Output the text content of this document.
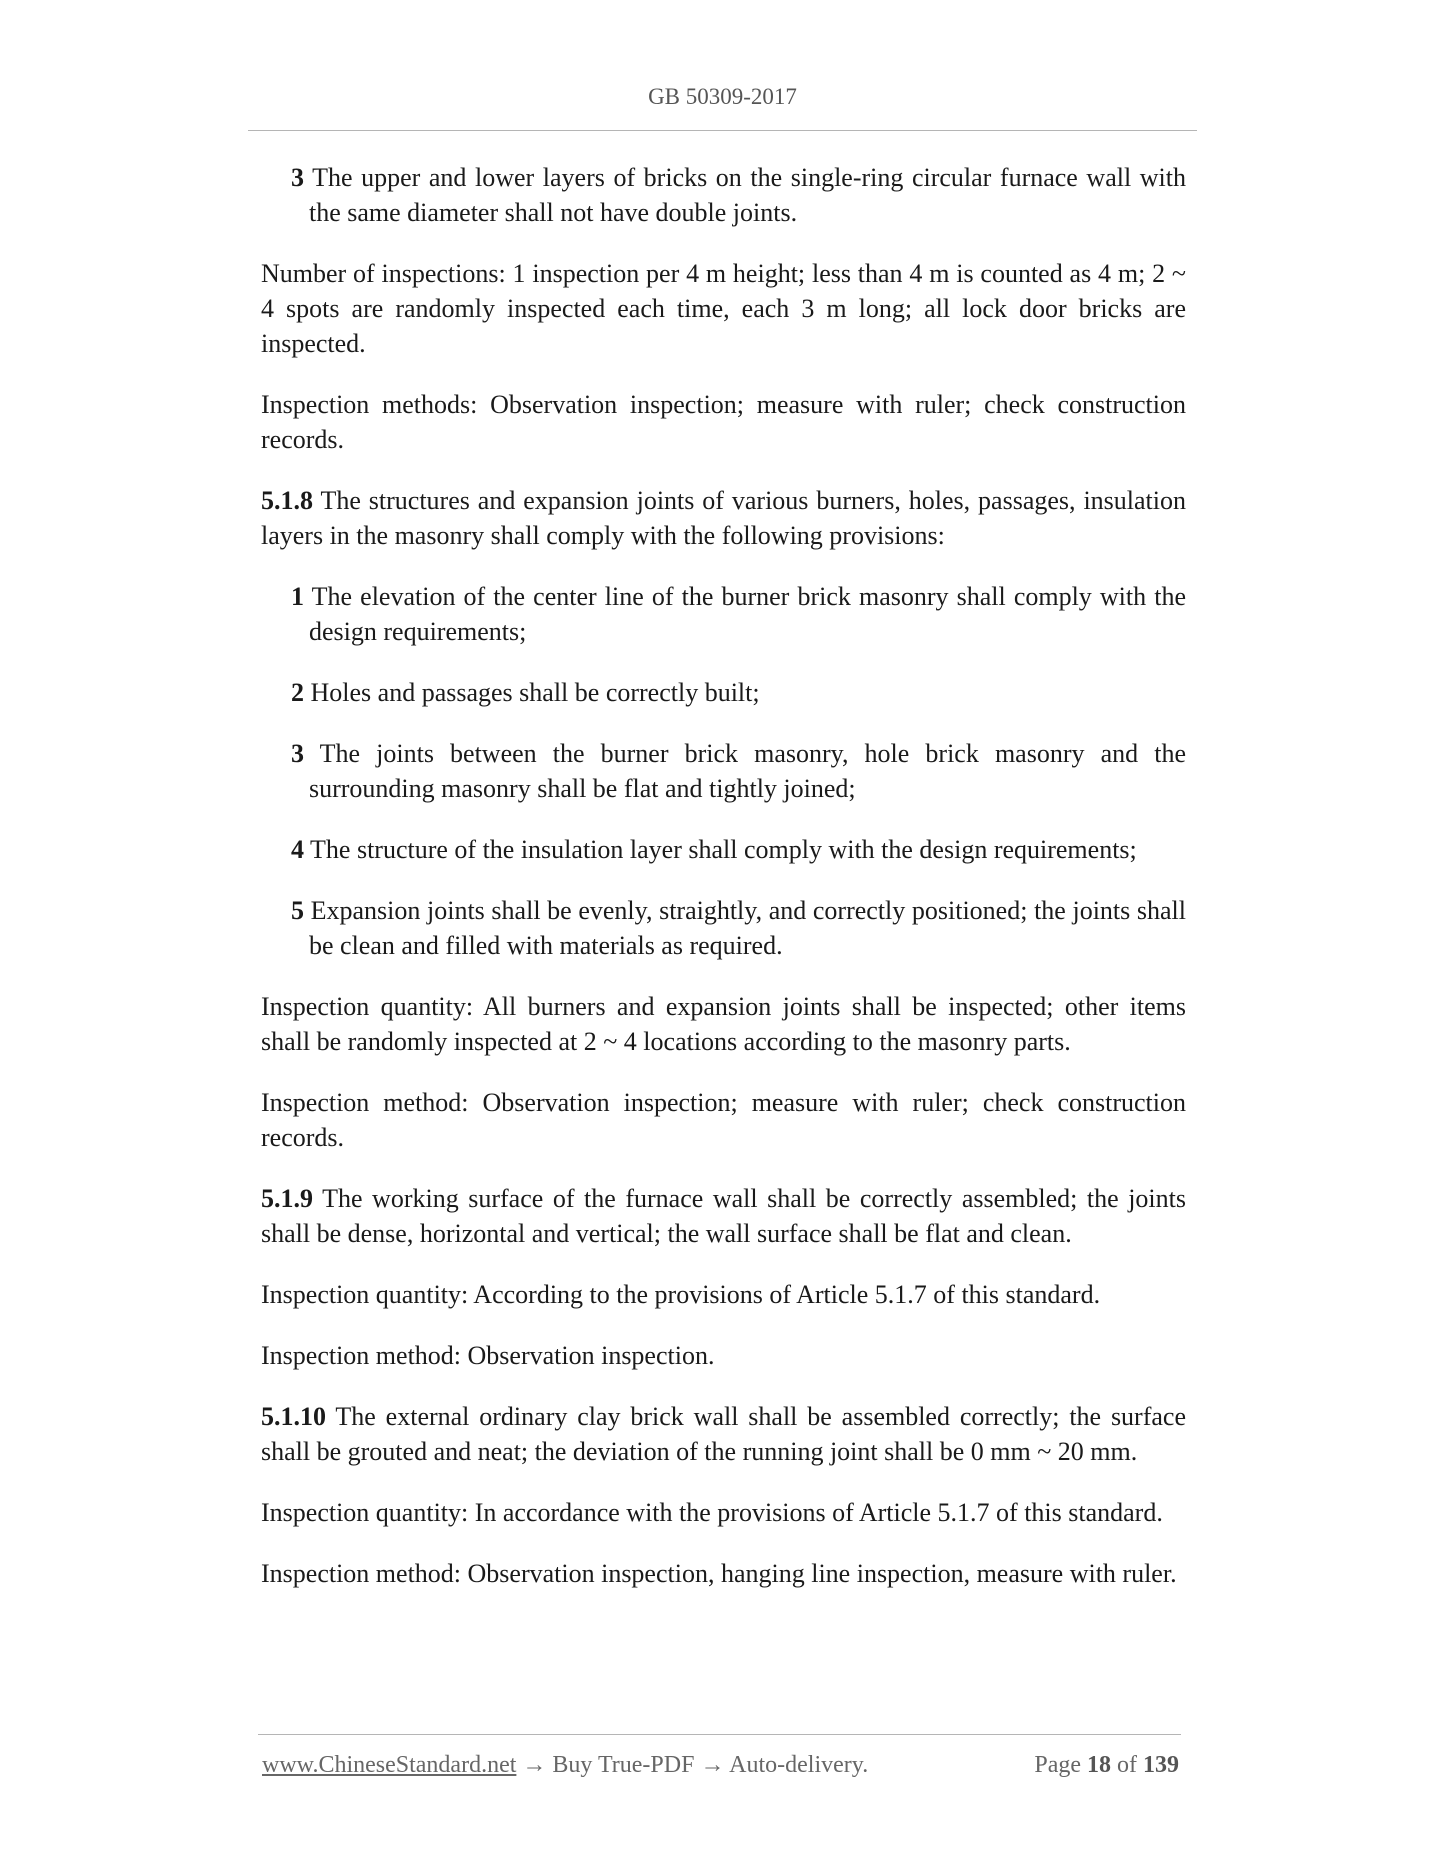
GB 50309-2017

3 The upper and lower layers of bricks on the single-ring circular furnace wall with the same diameter shall not have double joints.

Number of inspections: 1 inspection per 4 m height; less than 4 m is counted as 4 m; 2 ~ 4 spots are randomly inspected each time, each 3 m long; all lock door bricks are inspected.

Inspection methods: Observation inspection; measure with ruler; check construction records.

5.1.8 The structures and expansion joints of various burners, holes, passages, insulation layers in the masonry shall comply with the following provisions:

1 The elevation of the center line of the burner brick masonry shall comply with the design requirements;

2 Holes and passages shall be correctly built;

3 The joints between the burner brick masonry, hole brick masonry and the surrounding masonry shall be flat and tightly joined;

4 The structure of the insulation layer shall comply with the design requirements;

5 Expansion joints shall be evenly, straightly, and correctly positioned; the joints shall be clean and filled with materials as required.

Inspection quantity: All burners and expansion joints shall be inspected; other items shall be randomly inspected at 2 ~ 4 locations according to the masonry parts.

Inspection method: Observation inspection; measure with ruler; check construction records.

5.1.9 The working surface of the furnace wall shall be correctly assembled; the joints shall be dense, horizontal and vertical; the wall surface shall be flat and clean.

Inspection quantity: According to the provisions of Article 5.1.7 of this standard.

Inspection method: Observation inspection.

5.1.10 The external ordinary clay brick wall shall be assembled correctly; the surface shall be grouted and neat; the deviation of the running joint shall be 0 mm ~ 20 mm.

Inspection quantity: In accordance with the provisions of Article 5.1.7 of this standard.

Inspection method: Observation inspection, hanging line inspection, measure with ruler.

www.ChineseStandard.net → Buy True-PDF → Auto-delivery.	Page 18 of 139
